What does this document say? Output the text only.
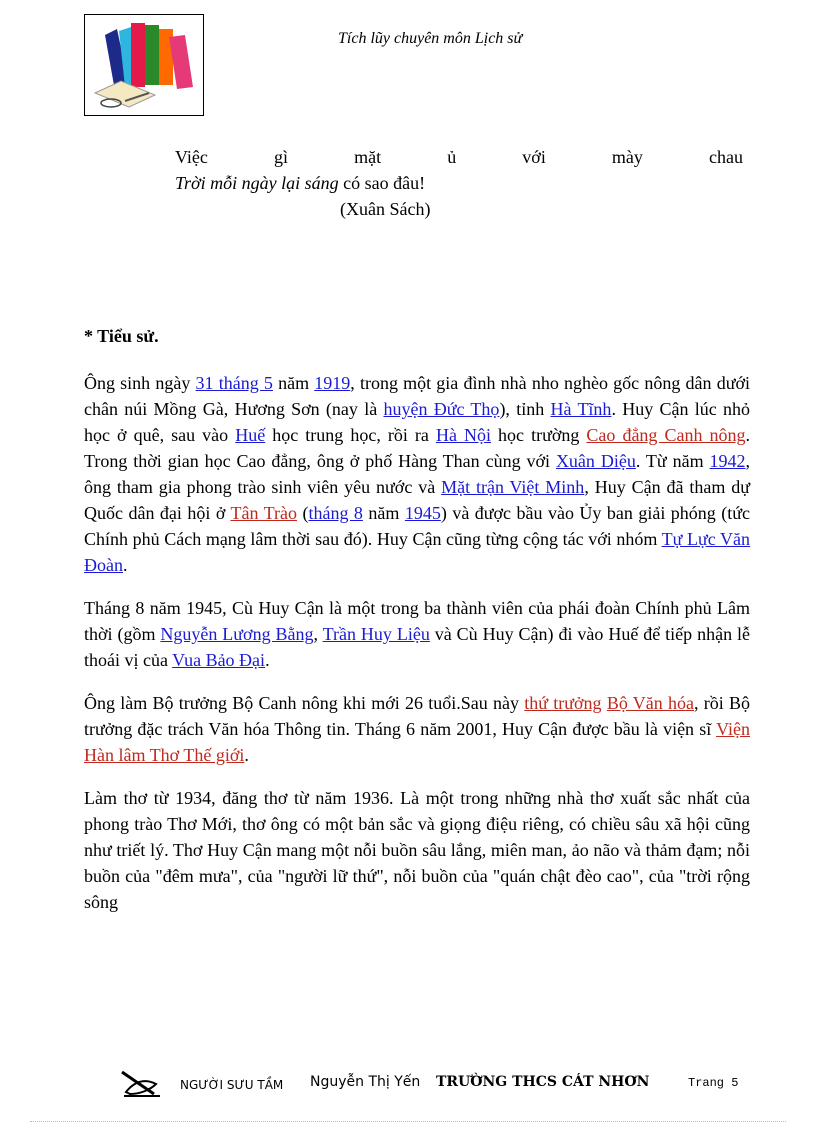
Tích lũy chuyên môn Lịch sử
Việc	gì	mặt	ủ	với	mày	chau
Trời mỗi ngày lại sáng có sao đâu!
(Xuân Sách)
* Tiểu sử.

Ông sinh ngày 31 tháng 5 năm 1919, trong một gia đình nhà nho nghèo gốc nông dân dưới chân núi Mồng Gà, Hương Sơn (nay là huyện Đức Thọ), tỉnh Hà Tĩnh. Huy Cận lúc nhỏ học ở quê, sau vào Huế học trung học, rồi ra Hà Nội học trường Cao đẳng Canh nông. Trong thời gian học Cao đẳng, ông ở phố Hàng Than cùng với Xuân Diệu. Từ năm 1942, ông tham gia phong trào sinh viên yêu nước và Mặt trận Việt Minh, Huy Cận đã tham dự Quốc dân đại hội ở Tân Trào (tháng 8 năm 1945) và được bầu vào Ủy ban giải phóng (tức Chính phủ Cách mạng lâm thời sau đó). Huy Cận cũng từng cộng tác với nhóm Tự Lực Văn Đoàn.

Tháng 8 năm 1945, Cù Huy Cận là một trong ba thành viên của phái đoàn Chính phủ Lâm thời (gồm Nguyễn Lương Bằng, Trần Huy Liệu và Cù Huy Cận) đi vào Huế để tiếp nhận lễ thoái vị của Vua Bảo Đại.

Ông làm Bộ trưởng Bộ Canh nông khi mới 26 tuổi.Sau này thứ trưởng Bộ Văn hóa, rồi Bộ trưởng đặc trách Văn hóa Thông tin. Tháng 6 năm 2001, Huy Cận được bầu là viện sĩ Viện Hàn lâm Thơ Thế giới.

Làm thơ từ 1934, đăng thơ từ năm 1936. Là một trong những nhà thơ xuất sắc nhất của phong trào Thơ Mới, thơ ông có một bản sắc và giọng điệu riêng, có chiều sâu xã hội cũng như triết lý. Thơ Huy Cận mang một nỗi buồn sâu lắng, miên man, ảo não và thảm đạm; nỗi buồn của "đêm mưa", của "người lữ thứ", nỗi buồn của "quán chật đèo cao", của "trời rộng sông

NGƯỜI SƯU TẦM Nguyễn Thị Yến TRƯỜNG THCS CÁT NHƠN	Trang 5
